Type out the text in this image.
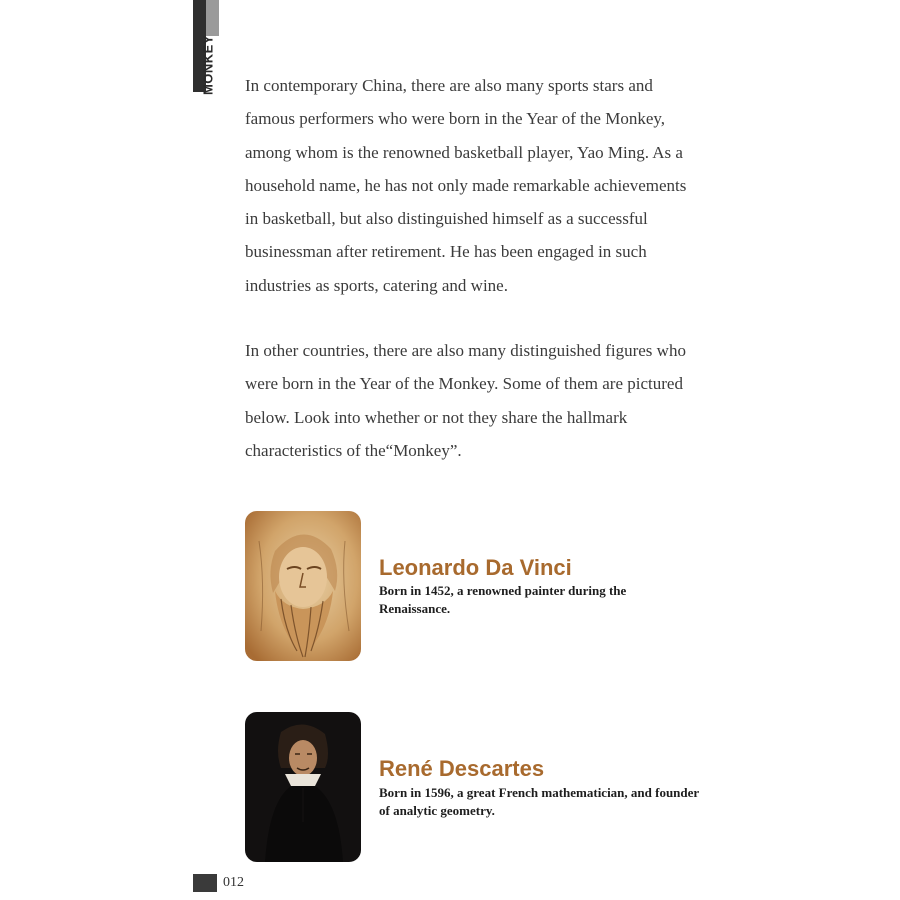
MONKEY In contemporary China, there are also many sports stars and famous performers who were born in the Year of the Monkey, among whom is the renowned basketball player, Yao Ming. As a household name, he has not only made remarkable achievements in basketball, but also distinguished himself as a successful businessman after retirement. He has been engaged in such industries as sports, catering and wine.

In other countries, there are also many distinguished figures who were born in the Year of the Monkey. Some of them are pictured below. Look into whether or not they share the hallmark characteristics of the“Monkey”.

Leonardo Da Vinci
Born in 1452, a renowned painter during the Renaissance.
René Descartes
Born in 1596, a great French mathematician, and founder of analytic geometry.
012
